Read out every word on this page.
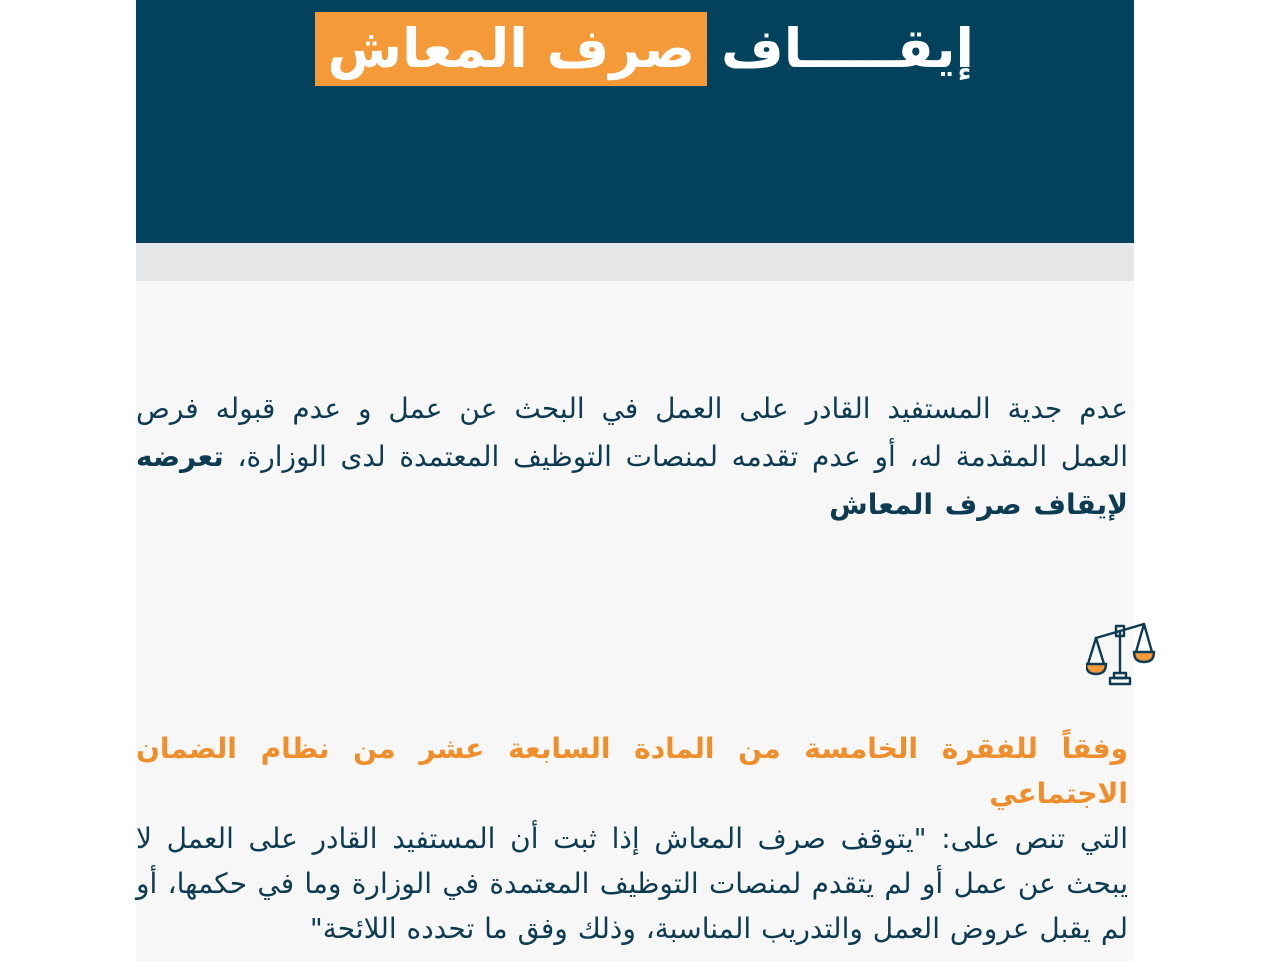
إيقـــــاف
صرف المعاش

عدم جدية المستفيد القادر على العمل في البحث عن عمل و عدم قبوله فرص العمل المقدمة له، أو عدم تقدمه لمنصات التوظيف المعتمدة لدى الوزارة، تعرضه لإيقاف صرف المعاش

وفقاً للفقرة الخامسة من المادة السابعة عشر من نظام الضمان الاجتماعي
التي تنص على: "يتوقف صرف المعاش إذا ثبت أن المستفيد القادر على العمل لا يبحث عن عمل أو لم يتقدم لمنصات التوظيف المعتمدة في الوزارة وما في حكمها، أو لم يقبل عروض العمل والتدريب المناسبة، وذلك وفق ما تحدده اللائحة"
